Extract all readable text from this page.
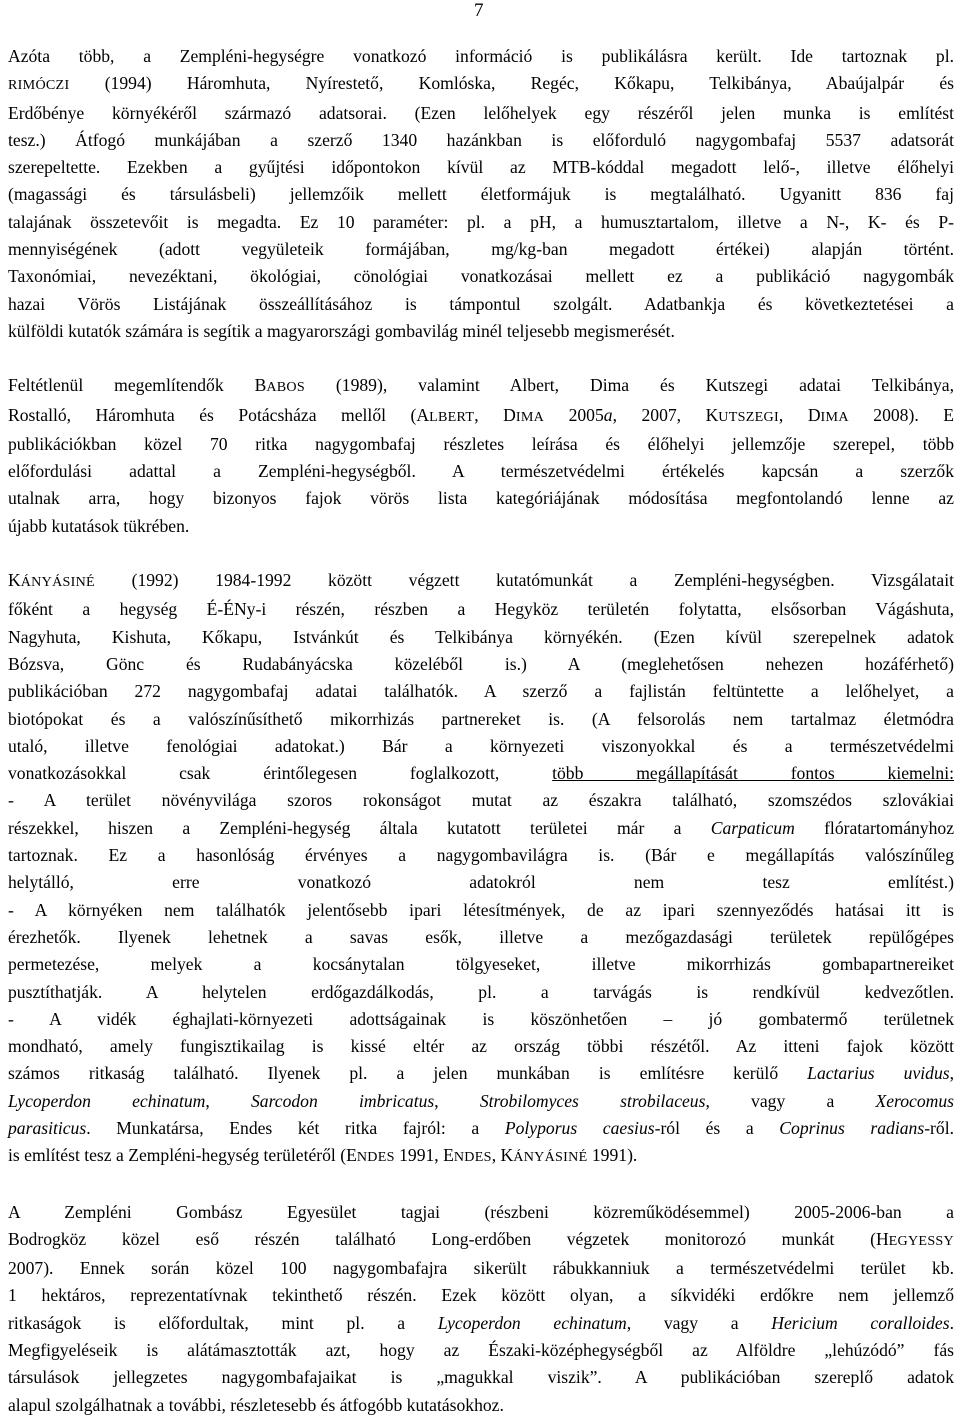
7
Azóta több, a Zempléni-hegységre vonatkozó információ is publikálásra került. Ide tartoznak pl.
RIMÓCZI (1994) Háromhuta, Nyírestető, Komlóska, Regéc, Kőkapu, Telkibánya, Abaújalpár és
Erdőbénye környékéről származó adatsorai. (Ezen lelőhelyek egy részéről jelen munka is említést
tesz.) Átfogó munkájában a szerző 1340 hazánkban is előforduló nagygombafaj 5537 adatsorát
szerepeltette. Ezekben a gyűjtési időpontokon kívül az MTB-kóddal megadott lelő-, illetve élőhelyi
(magassági és társulásbeli) jellemzőik mellett életformájuk is megtalálható. Ugyanitt 836 faj
talajának összetevőit is megadta. Ez 10 paraméter: pl. a pH, a humusztartalom, illetve a N-, K- és P-
mennyiségének (adott vegyületeik formájában, mg/kg-ban megadott értékei) alapján történt.
Taxonómiai, nevezéktani, ökológiai, cönológiai vonatkozásai mellett ez a publikáció nagygombák
hazai Vörös Listájának összeállításához is támpontul szolgált. Adatbankja és következtetései a
külföldi kutatók számára is segítik a magyarországi gombavilág minél teljesebb megismerését.
Feltétlenül megemlítendők BABOS (1989), valamint Albert, Dima és Kutszegi adatai Telkibánya,
Rostalló, Háromhuta és Potácsháza mellől (ALBERT, DIMA 2005a, 2007, KUTSZEGI, DIMA 2008). E
publikációkban közel 70 ritka nagygombafaj részletes leírása és élőhelyi jellemzője szerepel, több
előfordulási adattal a Zempléni-hegységből. A természetvédelmi értékelés kapcsán a szerzők
utalnak arra, hogy bizonyos fajok vörös lista kategóriájának módosítása megfontolandó lenne az
újabb kutatások tükrében.
KÁNYÁSINÉ (1992) 1984-1992 között végzett kutatómunkát a Zempléni-hegységben. Vizsgálatait
főként a hegység É-ÉNy-i részén, részben a Hegyköz területén folytatta, elsősorban Vágáshuta,
Nagyhuta, Kishuta, Kőkapu, Istvánkút és Telkibánya környékén. (Ezen kívül szerepelnek adatok
Bózsva, Gönc és Rudabányácska közeléből is.) A (meglehetősen nehezen hozáférhető)
publikációban 272 nagygombafaj adatai találhatók. A szerző a fajlistán feltüntette a lelőhelyet, a
biotópokat és a valószínűsíthető mikorrhizás partnereket is. (A felsorolás nem tartalmaz életmódra
utaló, illetve fenológiai adatokat.) Bár a környezeti viszonyokkal és a természetvédelmi
vonatkozásokkal csak érintőlegesen foglalkozott, több megállapítását fontos kiemelni:
- A terület növényvilága szoros rokonságot mutat az északra található, szomszédos szlovákiai
részekkel, hiszen a Zempléni-hegység általa kutatott területei már a Carpaticum flóratartományhoz
tartoznak. Ez a hasonlóság érvényes a nagygombavilágra is. (Bár e megállapítás valószínűleg
helytálló, erre vonatkozó adatokról nem tesz említést.)
- A környéken nem találhatók jelentősebb ipari létesítmények, de az ipari szennyeződés hatásai itt is
érezhetők. Ilyenek lehetnek a savas esők, illetve a mezőgazdasági területek repülőgépes
permetezése, melyek a kocsánytalan tölgyeseket, illetve mikorrhizás gombapartnereiket
pusztíthatják. A helytelen erdőgazdálkodás, pl. a tarvágás is rendkívül kedvezőtlen.
- A vidék éghajlati-környezeti adottságainak is köszönhetően – jó gombatermő területnek
mondható, amely fungisztikailag is kissé eltér az ország többi részétől. Az itteni fajok között
számos ritkaság található. Ilyenek pl. a jelen munkában is említésre kerülő Lactarius uvidus,
Lycoperdon echinatum, Sarcodon imbricatus, Strobilomyces strobilaceus, vagy a Xerocomus
parasiticus. Munkatársa, Endes két ritka fajról: a Polyporus caesius-ról és a Coprinus radians-ről.
is említést tesz a Zempléni-hegység területéről (ENDES 1991, ENDES, KÁNYÁSINÉ 1991).
A Zempléni Gombász Egyesület tagjai (részbeni közreműködésemmel) 2005-2006-ban a
Bodrogköz közel eső részén található Long-erdőben végzetek monitorozó munkát (HEGYESSY
2007). Ennek során közel 100 nagygombafajra sikerült rábukkanniuk a természetvédelmi terület kb.
1 hektáros, reprezentatívnak tekinthető részén. Ezek között olyan, a síkvidéki erdőkre nem jellemző
ritkaságok is előfordultak, mint pl. a Lycoperdon echinatum, vagy a Hericium coralloides.
Megfigyeléseik is alátámasztották azt, hogy az Északi-középhegységből az Alföldre „lehúzódó” fás
társulások jellegzetes nagygombafajaikat is „magukkal viszik”. A publikációban szereplő adatok
alapul szolgálhatnak a további, részletesebb és átfogóbb kutatásokhoz.
